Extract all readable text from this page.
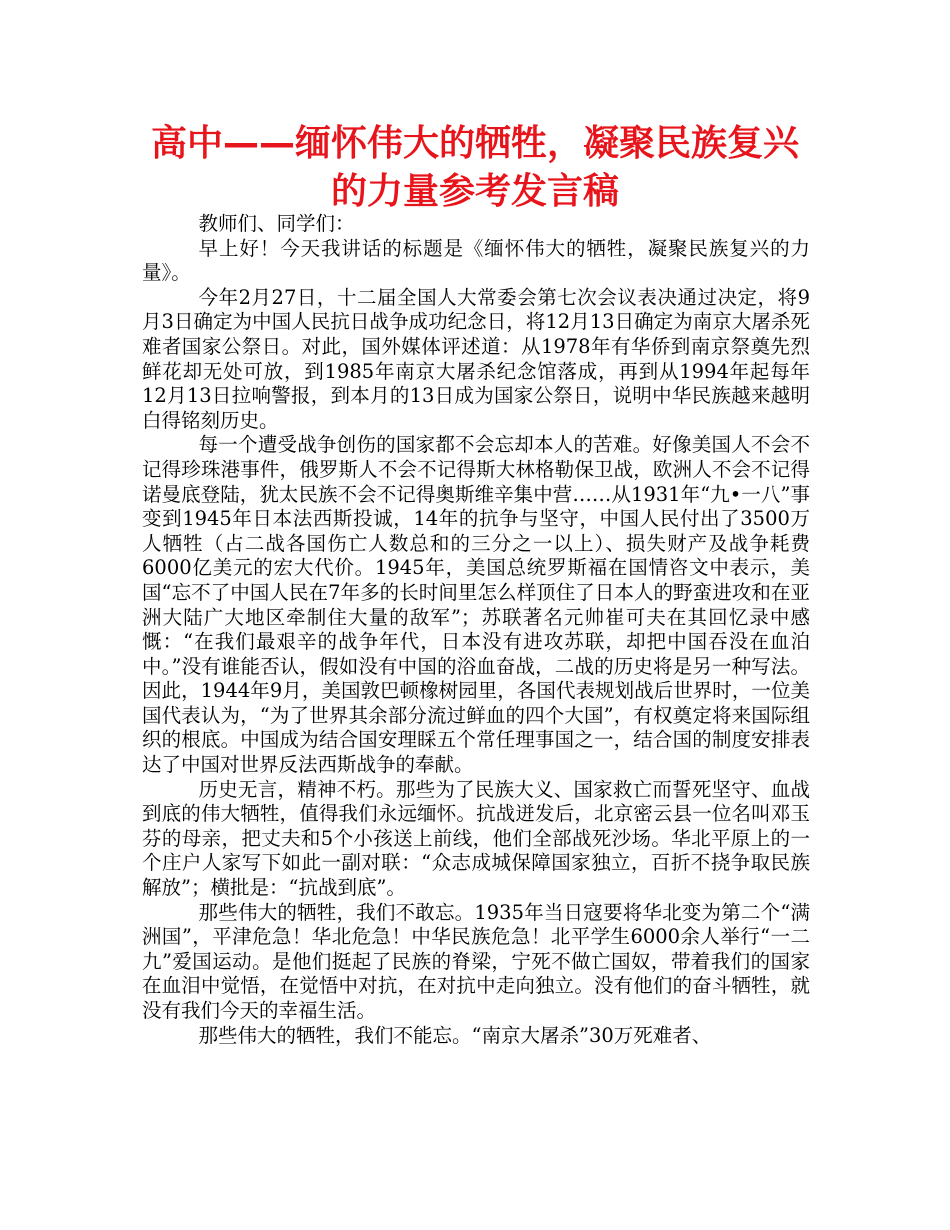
高中——缅怀伟大的牺牲，凝聚民族复兴
的力量参考发言稿

教师们、同学们：

早上好！今天我讲话的标题是《缅怀伟大的牺牲，凝聚民族复兴的力量》。

今年2月27日，十二届全国人大常委会第七次会议表决通过决定，将9月3日确定为中国人民抗日战争成功纪念日，将12月13日确定为南京大屠杀死难者国家公祭日。对此，国外媒体评述道：从1978年有华侨到南京祭奠先烈鲜花却无处可放，到1985年南京大屠杀纪念馆落成，再到从1994年起每年12月13日拉响警报，到本月的13日成为国家公祭日，说明中华民族越来越明白得铭刻历史。

每一个遭受战争创伤的国家都不会忘却本人的苦难。好像美国人不会不记得珍珠港事件，俄罗斯人不会不记得斯大林格勒保卫战，欧洲人不会不记得诺曼底登陆，犹太民族不会不记得奥斯维辛集中营……从1931年“九•一八”事变到1945年日本法西斯投诚，14年的抗争与坚守，中国人民付出了3500万人牺牲（占二战各国伤亡人数总和的三分之一以上）、损失财产及战争耗费6000亿美元的宏大代价。1945年，美国总统罗斯福在国情咨文中表示，美国“忘不了中国人民在7年多的长时间里怎么样顶住了日本人的野蛮进攻和在亚洲大陆广大地区牵制住大量的敌军”；苏联著名元帅崔可夫在其回忆录中感慨：“在我们最艰辛的战争年代，日本没有进攻苏联，却把中国吞没在血泊中。”没有谁能否认，假如没有中国的浴血奋战，二战的历史将是另一种写法。因此，1944年9月，美国敦巴顿橡树园里，各国代表规划战后世界时，一位美国代表认为，“为了世界其余部分流过鲜血的四个大国”，有权奠定将来国际组织的根底。中国成为结合国安理睬五个常任理事国之一，结合国的制度安排表达了中国对世界反法西斯战争的奉献。

历史无言，精神不朽。那些为了民族大义、国家救亡而誓死坚守、血战到底的伟大牺牲，值得我们永远缅怀。抗战迸发后，北京密云县一位名叫邓玉芬的母亲，把丈夫和5个小孩送上前线，他们全部战死沙场。华北平原上的一个庄户人家写下如此一副对联：“众志成城保障国家独立，百折不挠争取民族解放”；横批是：“抗战到底”。

那些伟大的牺牲，我们不敢忘。1935年当日寇要将华北变为第二个“满洲国”，平津危急！华北危急！中华民族危急！北平学生6000余人举行“一二九”爱国运动。是他们挺起了民族的脊梁，宁死不做亡国奴，带着我们的国家在血泪中觉悟，在觉悟中对抗，在对抗中走向独立。没有他们的奋斗牺牲，就没有我们今天的幸福生活。

那些伟大的牺牲，我们不能忘。“南京大屠杀”30万死难者、
